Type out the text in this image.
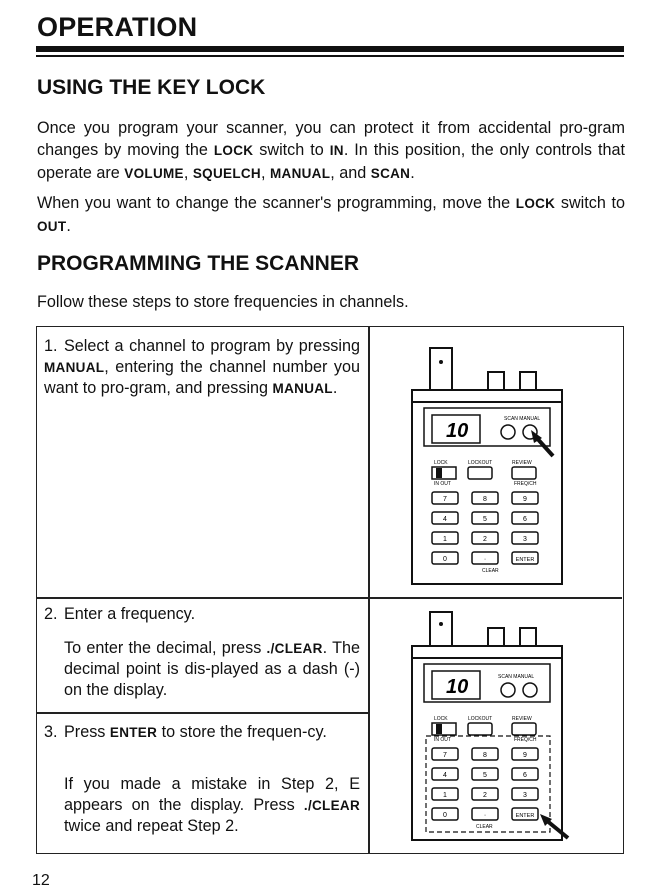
OPERATION
USING THE KEY LOCK
Once you program your scanner, you can protect it from accidental pro-gram changes by moving the LOCK switch to IN. In this position, the only controls that operate are VOLUME, SQUELCH, MANUAL, and SCAN.
When you want to change the scanner's programming, move the LOCK switch to OUT.
PROGRAMMING THE SCANNER
Follow these steps to store frequencies in channels.
1. Select a channel to program by pressing MANUAL, entering the channel number you want to pro-gram, and pressing MANUAL.
2. Enter a frequency.
To enter the decimal, press ./CLEAR. The decimal point is dis-played as a dash (-) on the display.
3. Press ENTER to store the frequen-cy.
If you made a mistake in Step 2, E appears on the display. Press ./CLEAR twice and repeat Step 2.
10
SCAN MANUAL
LOCK	LOCKOUT	REVIEW
IN OUT	FREQ/CH
7	8	9
4	5	6
1	2	3
0	·	ENTER
CLEAR
10	SCAN MANUAL
LOCK	LOCKOUT	REVIEW
IN OUT	FREQ/CH
7	8	9
4	5	6
1	2	3
0	·	ENTER
CLEAR
12
